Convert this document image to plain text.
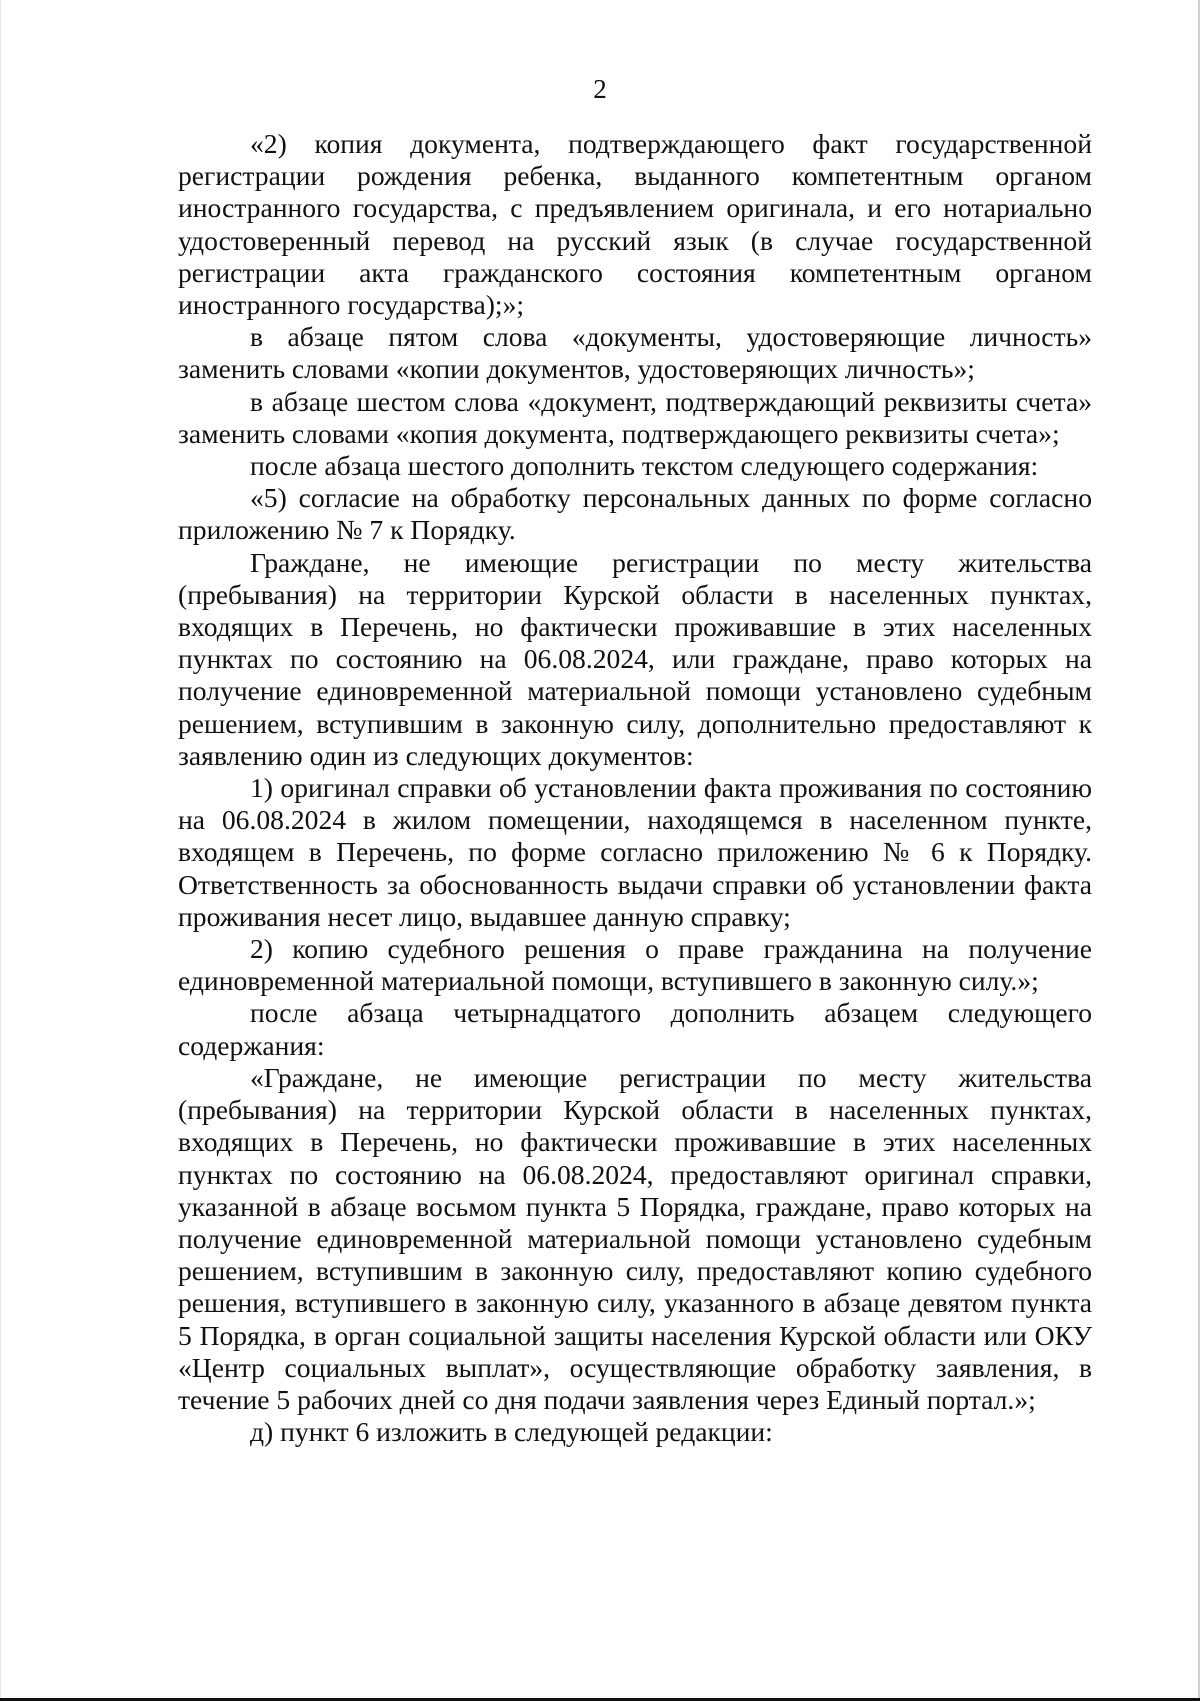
2

«2) копия документа, подтверждающего факт государственной регистрации рождения ребенка, выданного компетентным органом иностранного государства, с предъявлением оригинала, и его нотариально удостоверенный перевод на русский язык (в случае государственной регистрации акта гражданского состояния компетентным органом иностранного государства);»;

в абзаце пятом слова «документы, удостоверяющие личность» заменить словами «копии документов, удостоверяющих личность»;

в абзаце шестом слова «документ, подтверждающий реквизиты счета» заменить словами «копия документа, подтверждающего реквизиты счета»;

после абзаца шестого дополнить текстом следующего содержания:

«5) согласие на обработку персональных данных по форме согласно приложению № 7 к Порядку.

Граждане, не имеющие регистрации по месту жительства (пребывания) на территории Курской области в населенных пунктах, входящих в Перечень, но фактически проживавшие в этих населенных пунктах по состоянию на 06.08.2024, или граждане, право которых на получение единовременной материальной помощи установлено судебным решением, вступившим в законную силу, дополнительно предоставляют к заявлению один из следующих документов:

1) оригинал справки об установлении факта проживания по состоянию на 06.08.2024 в жилом помещении, находящемся в населенном пункте, входящем в Перечень, по форме согласно приложению № 6 к Порядку. Ответственность за обоснованность выдачи справки об установлении факта проживания несет лицо, выдавшее данную справку;

2) копию судебного решения о праве гражданина на получение единовременной материальной помощи, вступившего в законную силу.»;

после абзаца четырнадцатого дополнить абзацем следующего содержания:

«Граждане, не имеющие регистрации по месту жительства (пребывания) на территории Курской области в населенных пунктах, входящих в Перечень, но фактически проживавшие в этих населенных пунктах по состоянию на 06.08.2024, предоставляют оригинал справки, указанной в абзаце восьмом пункта 5 Порядка, граждане, право которых на получение единовременной материальной помощи установлено судебным решением, вступившим в законную силу, предоставляют копию судебного решения, вступившего в законную силу, указанного в абзаце девятом пункта 5 Порядка, в орган социальной защиты населения Курской области или ОКУ «Центр социальных выплат», осуществляющие обработку заявления, в течение 5 рабочих дней со дня подачи заявления через Единый портал.»;

д) пункт 6 изложить в следующей редакции:
